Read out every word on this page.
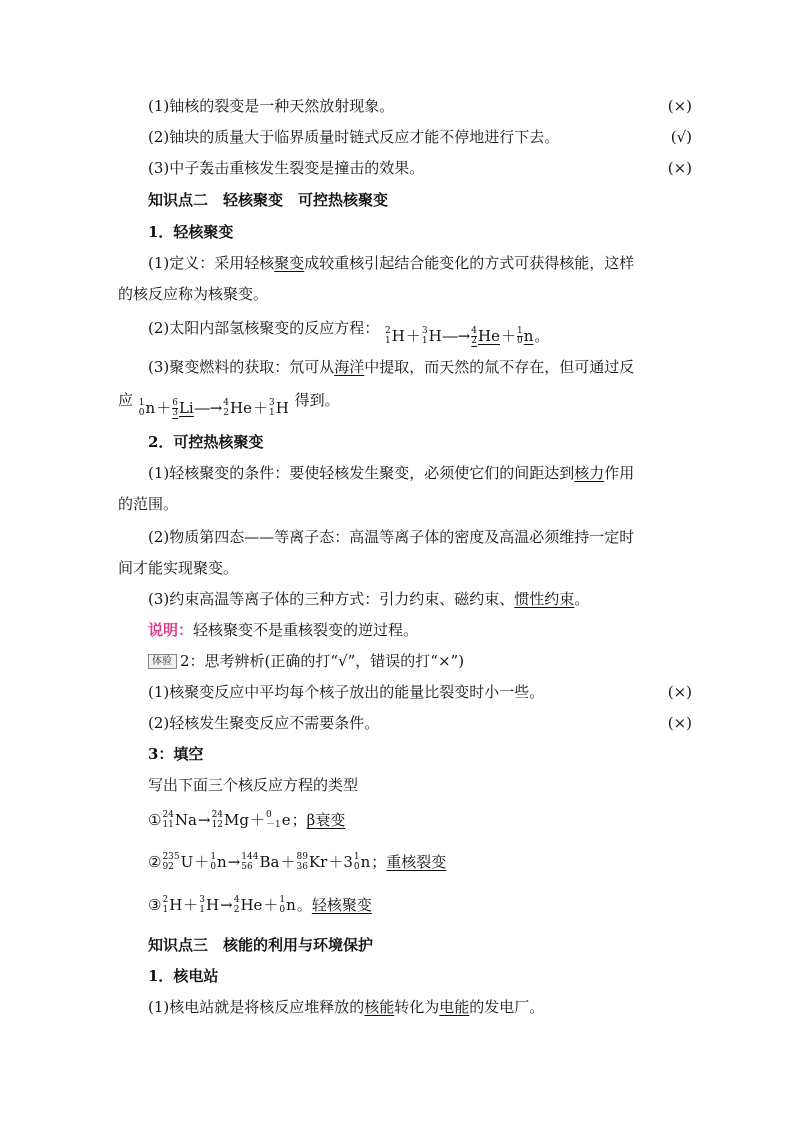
(1)铀核的裂变是一种天然放射现象。	(×)
(2)铀块的质量大于临界质量时链式反应才能不停地进行下去。	(√)
(3)中子轰击重核发生裂变是撞击的效果。	(×)
知识点二　轻核聚变　可控热核聚变
1．轻核聚变
(1)定义：采用轻核聚变成较重核引起结合能变化的方式可获得核能，这样
的核反应称为核聚变。
(2)太阳内部氢核聚变的反应方程： 2
1 H ＋ 3
1 H ―→ 4
2 He ＋ 1
0 n 。
(3)聚变燃料的获取：氘可从海洋中提取，而天然的氚不存在，但可通过反
应 1
0 n ＋ 6
3 Li ―→ 4
2 He ＋ 3
1 H 得到。
2．可控热核聚变
(1)轻核聚变的条件：要使轻核发生聚变，必须使它们的间距达到核力作用
的范围。
(2)物质第四态——等离子态：高温等离子体的密度及高温必须维持一定时
间才能实现聚变。
(3)约束高温等离子体的三种方式：引力约束、磁约束、惯性约束。
说明：轻核聚变不是重核裂变的逆过程。
体验 2：思考辨析(正确的打“√”，错误的打“×”)
(1)核聚变反应中平均每个核子放出的能量比裂变时小一些。	(×)
(2)轻核发生聚变反应不需要条件。	(×)
3：填空
写出下面三个核反应方程的类型
① 24
11 Na → 24
12 Mg ＋ 0
－1 e ； β衰变
② 235
92 U ＋ 1
0 n → 144
56 Ba ＋ 89
36 Kr ＋ 3 1
0 n ； 重核裂变
③ 2
1 H ＋ 3
1 H → 4
2 He ＋ 1
0 n 。 轻核聚变
知识点三　核能的利用与环境保护
1．核电站
(1)核电站就是将核反应堆释放的核能转化为电能的发电厂。
